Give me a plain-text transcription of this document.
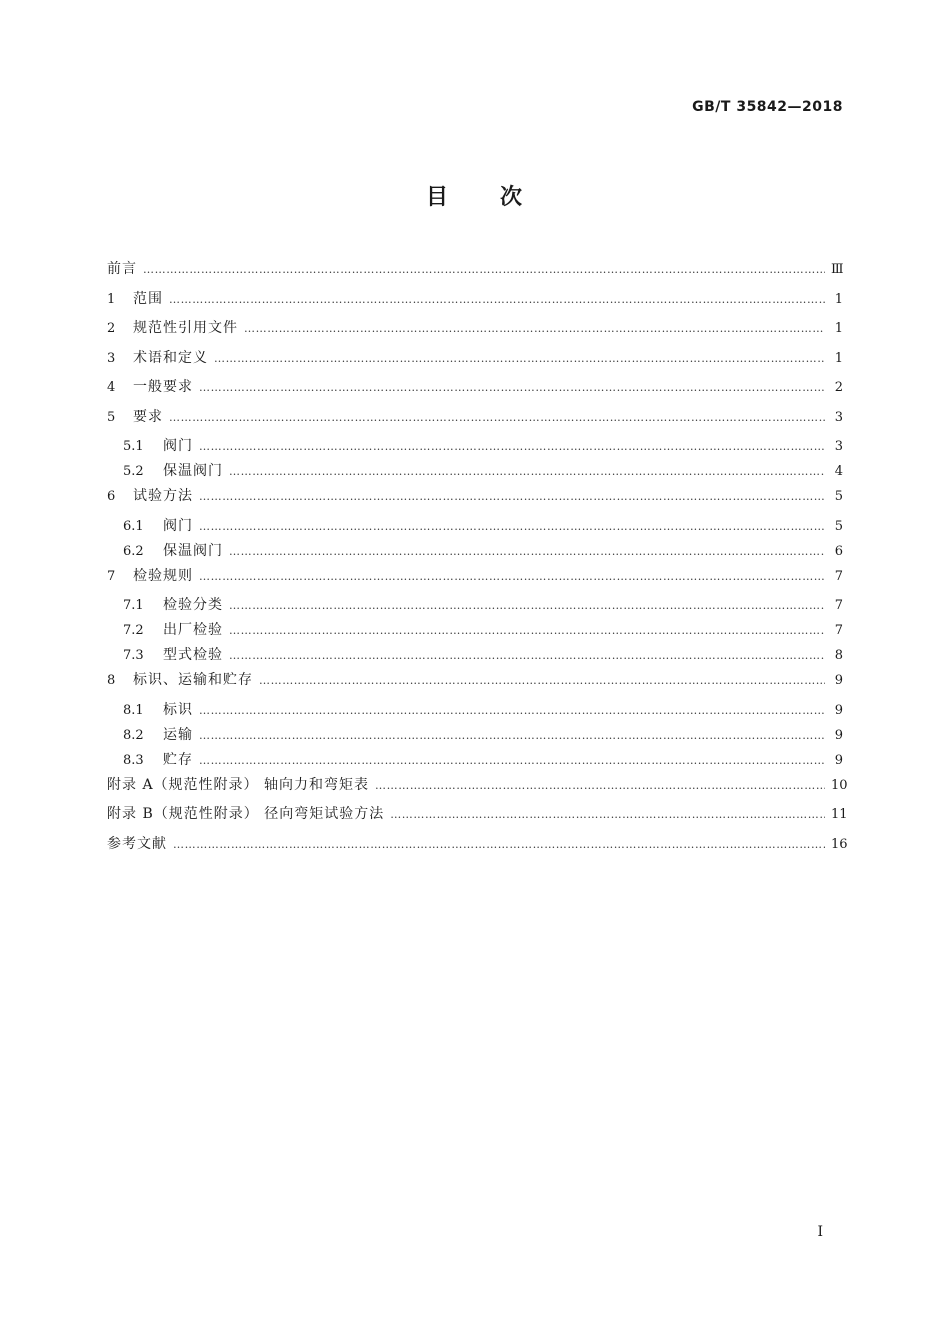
GB/T 35842—2018
目 次
前言 ……………………………………………………………………………………………………………………………………………………………………………………………………………………	Ⅲ
1	范围 ……………………………………………………………………………………………………………………………………………………………………………………………………………………	1
2	规范性引用文件 ……………………………………………………………………………………………………………………………………………………………………………………………………………………	1
3	术语和定义 ……………………………………………………………………………………………………………………………………………………………………………………………………………………	1
4	一般要求 ……………………………………………………………………………………………………………………………………………………………………………………………………………………	2
5	要求 ……………………………………………………………………………………………………………………………………………………………………………………………………………………	3
5.1	阀门 ……………………………………………………………………………………………………………………………………………………………………………………………………………………	3
5.2	保温阀门 ……………………………………………………………………………………………………………………………………………………………………………………………………………………	4
6	试验方法 ……………………………………………………………………………………………………………………………………………………………………………………………………………………	5
6.1	阀门 ……………………………………………………………………………………………………………………………………………………………………………………………………………………	5
6.2	保温阀门 ……………………………………………………………………………………………………………………………………………………………………………………………………………………	6
7	检验规则 ……………………………………………………………………………………………………………………………………………………………………………………………………………………	7
7.1	检验分类 ……………………………………………………………………………………………………………………………………………………………………………………………………………………	7
7.2	出厂检验 ……………………………………………………………………………………………………………………………………………………………………………………………………………………	7
7.3	型式检验 ……………………………………………………………………………………………………………………………………………………………………………………………………………………	8
8	标识、运输和贮存 ……………………………………………………………………………………………………………………………………………………………………………………………………………………	9
8.1	标识 ……………………………………………………………………………………………………………………………………………………………………………………………………………………	9
8.2	运输 ……………………………………………………………………………………………………………………………………………………………………………………………………………………	9
8.3	贮存 ……………………………………………………………………………………………………………………………………………………………………………………………………………………	9
附录 A（规范性附录） 轴向力和弯矩表 ……………………………………………………………………………………………………………………………………………………………………………………………………………………	10
附录 B（规范性附录） 径向弯矩试验方法 ……………………………………………………………………………………………………………………………………………………………………………………………………………………	11
参考文献 ……………………………………………………………………………………………………………………………………………………………………………………………………………………	16
Ⅰ
